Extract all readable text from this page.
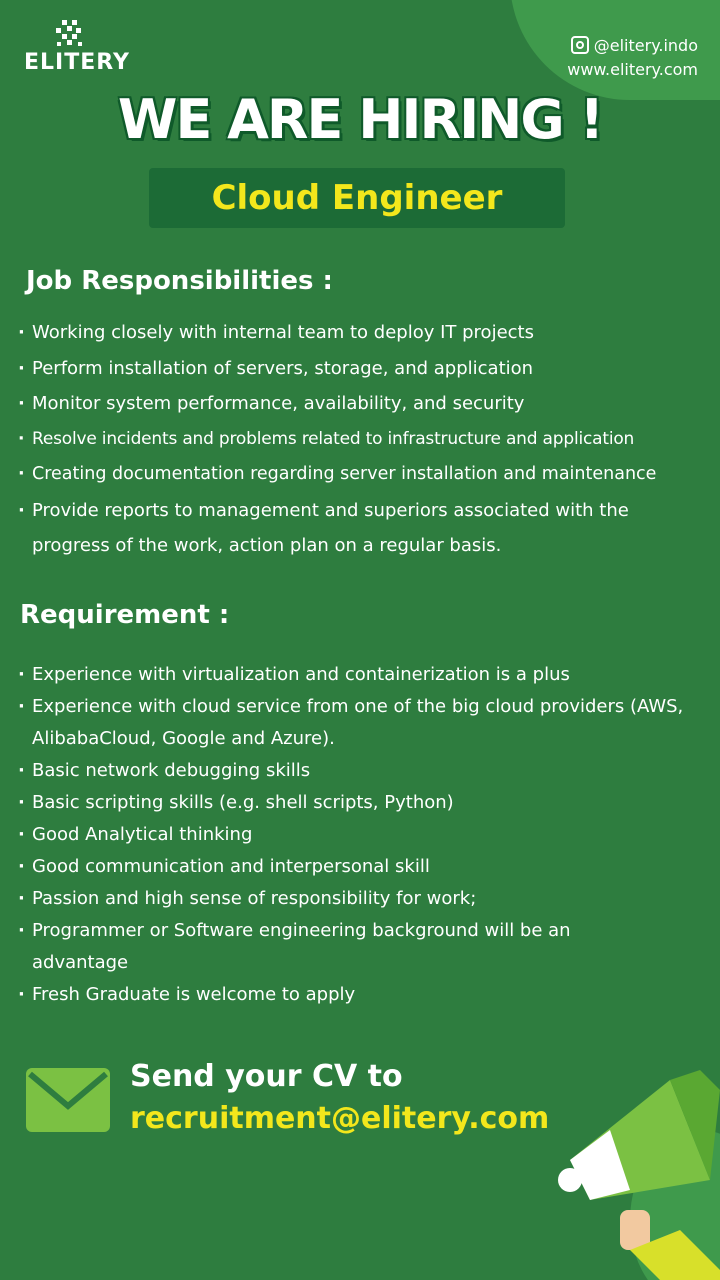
ELITERY
@elitery.indo
www.elitery.com
WE ARE HIRING !
Cloud Engineer
Job Responsibilities :
· Working closely with internal team to deploy IT projects
· Perform installation of servers, storage, and application
· Monitor system performance, availability, and security
· Resolve incidents and problems related to infrastructure and application
· Creating documentation regarding server installation and maintenance
· Provide reports to management and superiors associated with the progress of the work, action plan on a regular basis.
Requirement :
· Experience with virtualization and containerization is a plus
· Experience with cloud service from one of the big cloud providers (AWS, AlibabaCloud, Google and Azure).
· Basic network debugging skills
· Basic scripting skills (e.g. shell scripts, Python)
· Good Analytical thinking
· Good communication and interpersonal skill
· Passion and high sense of responsibility for work;
· Programmer or Software engineering background will be an advantage
· Fresh Graduate is welcome to apply
Send your CV to
recruitment@elitery.com
